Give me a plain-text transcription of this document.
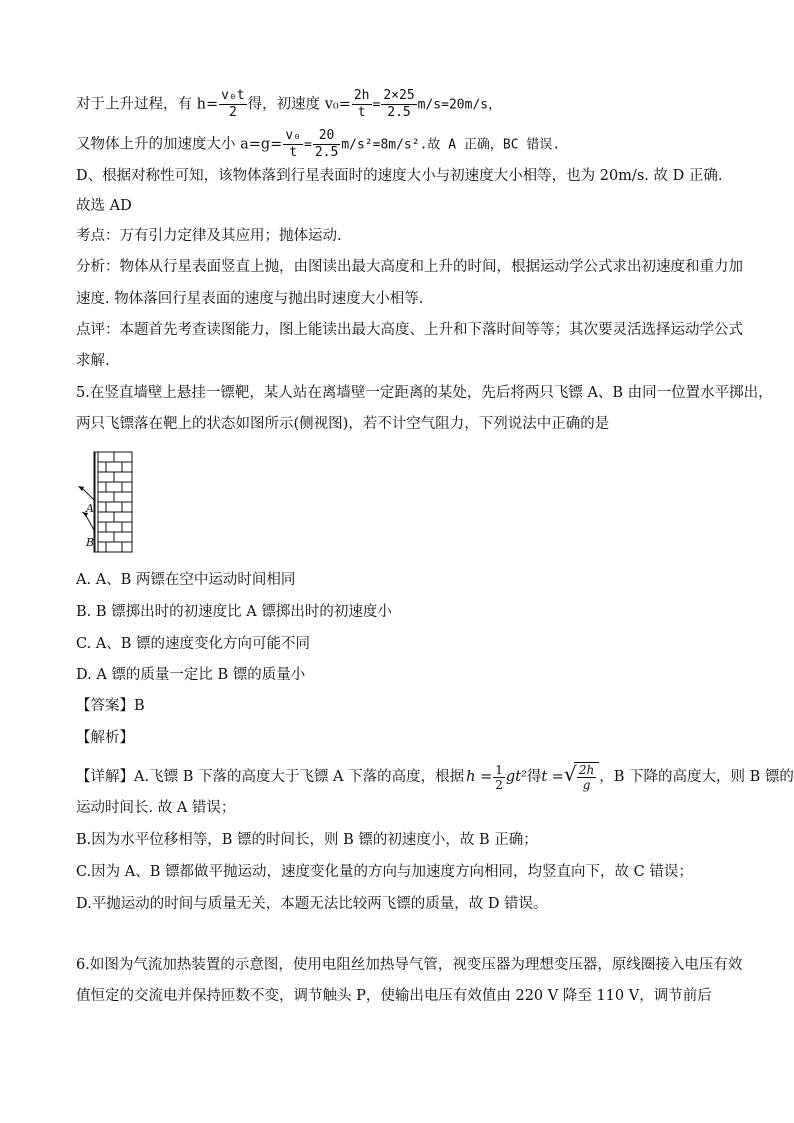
对于上升过程，有 $h= \frac{\text{v₀t}}{2}$ 得，初速度 $v_0= \frac{2h}{t} = \frac{2\times 25}{2.5} m/s=20m/s$，
又物体上升的加速度大小 $a=g= \frac{\text{v₀}}{t} = \frac{20}{2.5} m/s^2=8m/s^2$.故 A 正确，BC 错误.
D、根据对称性可知，该物体落到行星表面时的速度大小与初速度大小相等，也为 20m/s. 故 D 正确.
故选 AD
考点：万有引力定律及其应用；抛体运动.
分析：物体从行星表面竖直上抛，由图读出最大高度和上升的时间，根据运动学公式求出初速度和重力加
速度. 物体落回行星表面的速度与抛出时速度大小相等.
点评：本题首先考查读图能力，图上能读出最大高度、上升和下落时间等等；其次要灵活选择运动学公式
求解.
5.在竖直墙壁上悬挂一镖靶，某人站在离墙壁一定距离的某处，先后将两只飞镖 A、B 由同一位置水平掷出，
两只飞镖落在靶上的状态如图所示(侧视图)，若不计空气阻力，下列说法中正确的是
A
B
A. A、B 两镖在空中运动时间相同
B. B 镖掷出时的初速度比 A 镖掷出时的初速度小
C. A、B 镖的速度变化方向可能不同
D. A 镖的质量一定比 B 镖的质量小
【答案】B
【解析】
【详解】A.飞镖 B 下落的高度大于飞镖 A 下落的高度，根据 $h = \frac{1}{2} gt^2$ 得 t = √ $\frac{2h}{g}$ ，B 下降的高度大，则 B 镖的
运动时间长. 故 A 错误；
B.因为水平位移相等，B 镖的时间长，则 B 镖的初速度小，故 B 正确；
C.因为 A、B 镖都做平抛运动，速度变化量的方向与加速度方向相同，均竖直向下，故 C 错误；
D.平抛运动的时间与质量无关，本题无法比较两飞镖的质量，故 D 错误。
6.如图为气流加热装置的示意图，使用电阻丝加热导气管，视变压器为理想变压器，原线圈接入电压有效
值恒定的交流电并保持匝数不变，调节触头 P，使输出电压有效值由 220 V 降至 110 V，调节前后
